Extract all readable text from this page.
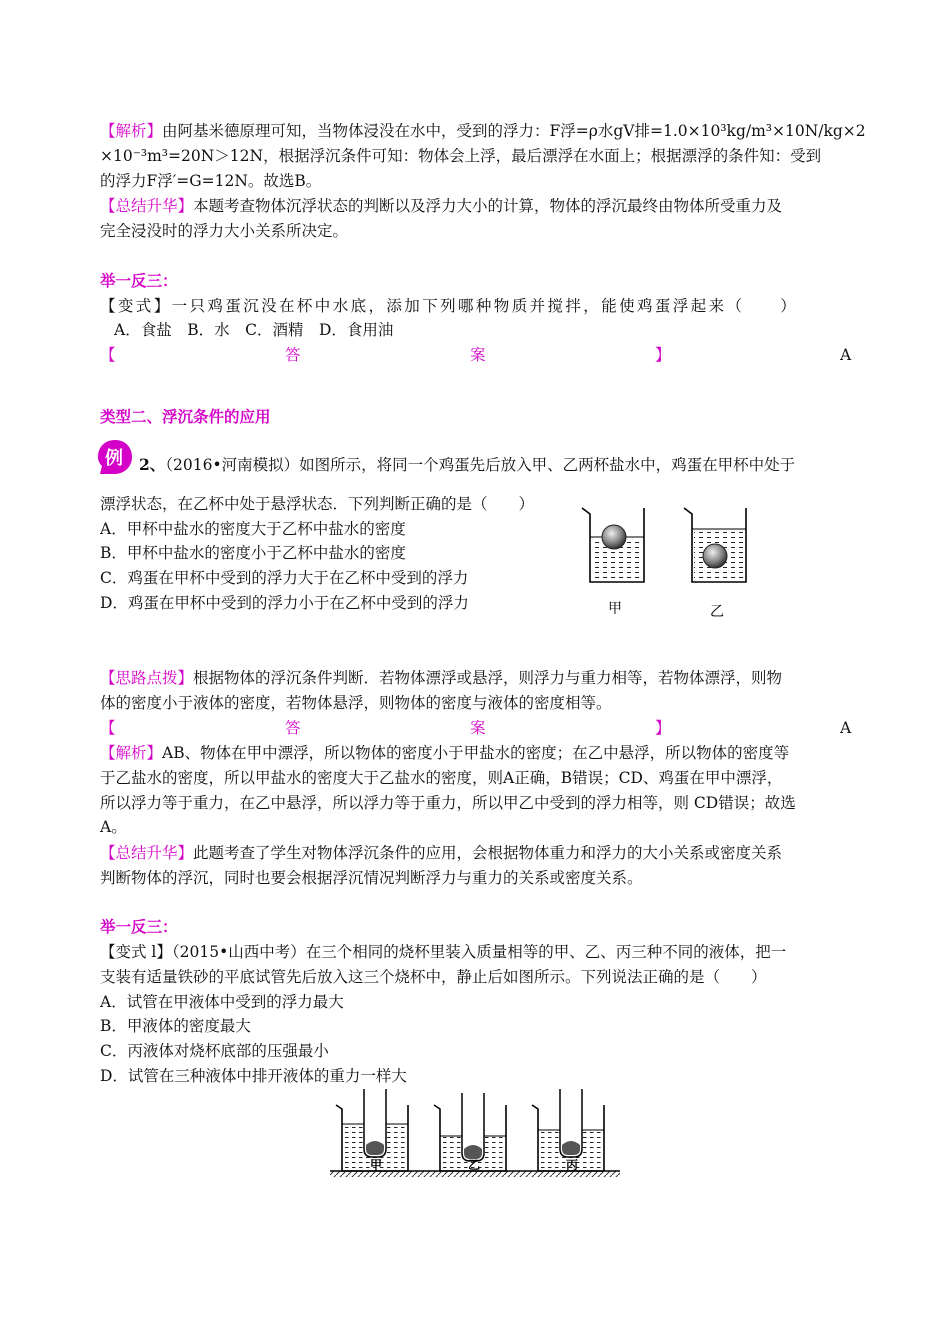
【解析】由阿基米德原理可知，当物体浸没在水中，受到的浮力：F浮=ρ水gV排=1.0×10³kg/m³×10N/kg×2
×10⁻³m³=20N＞12N，根据浮沉条件可知：物体会上浮，最后漂浮在水面上；根据漂浮的条件知：受到
的浮力F浮′=G=12N。故选B。
【总结升华】本题考查物体沉浮状态的判断以及浮力大小的计算，物体的浮沉最终由物体所受重力及
完全浸没时的浮力大小关系所决定。
举一反三：
【变式】一只鸡蛋沉没在杯中水底，添加下列哪种物质并搅拌，能使鸡蛋浮起来（　　）
A．食盐　B．水　C．酒精　D．食用油
【	答	案	】	A
类型二、浮沉条件的应用
例 2、（2016•河南模拟）如图所示，将同一个鸡蛋先后放入甲、乙两杯盐水中，鸡蛋在甲杯中处于
漂浮状态，在乙杯中处于悬浮状态．下列判断正确的是（　　）
A．甲杯中盐水的密度大于乙杯中盐水的密度
B．甲杯中盐水的密度小于乙杯中盐水的密度
C．鸡蛋在甲杯中受到的浮力大于在乙杯中受到的浮力
D．鸡蛋在甲杯中受到的浮力小于在乙杯中受到的浮力	甲	乙
【思路点拨】根据物体的浮沉条件判断．若物体漂浮或悬浮，则浮力与重力相等，若物体漂浮，则物
体的密度小于液体的密度，若物体悬浮，则物体的密度与液体的密度相等。
【	答	案	】	A
【解析】AB、物体在甲中漂浮，所以物体的密度小于甲盐水的密度；在乙中悬浮，所以物体的密度等
于乙盐水的密度，所以甲盐水的密度大于乙盐水的密度，则A正确，B错误；CD、鸡蛋在甲中漂浮，
所以浮力等于重力，在乙中悬浮，所以浮力等于重力，所以甲乙中受到的浮力相等，则 CD错误；故选
A。
【总结升华】此题考查了学生对物体浮沉条件的应用，会根据物体重力和浮力的大小关系或密度关系
判断物体的浮沉，同时也要会根据浮沉情况判断浮力与重力的关系或密度关系。
举一反三：
【变式 l】（2015•山西中考）在三个相同的烧杯里装入质量相等的甲、乙、丙三种不同的液体，把一
支装有适量铁砂的平底试管先后放入这三个烧杯中，静止后如图所示。下列说法正确的是（　　）
A．试管在甲液体中受到的浮力最大
B．甲液体的密度最大
C．丙液体对烧杯底部的压强最小
D．试管在三种液体中排开液体的重力一样大
甲	乙	丙
